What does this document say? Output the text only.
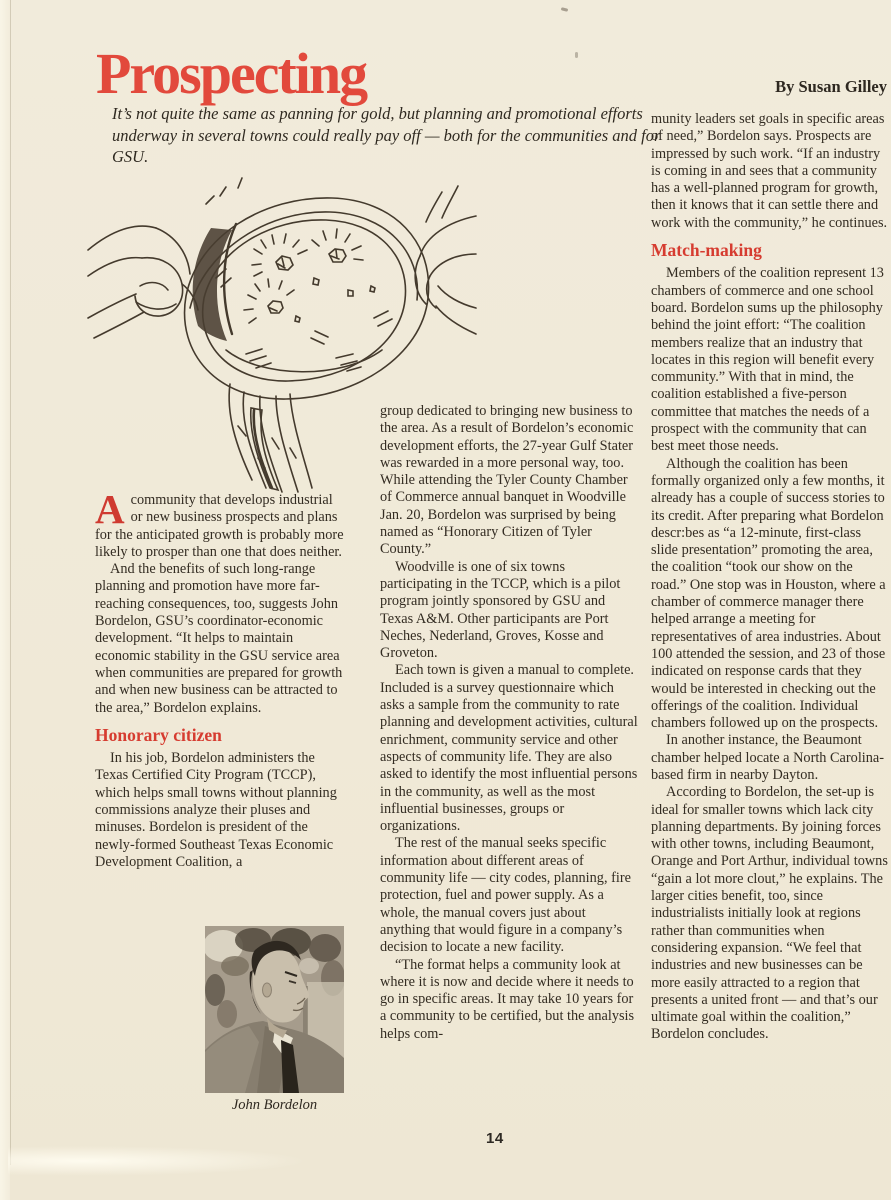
Prospecting	By Susan Gilley

It’s not quite the same as panning for gold, but planning and promotional efforts underway in several towns could really pay off — both for the communities and for GSU.

Acommunity that develops industrial or new business prospects and plans for the anticipated growth is probably more likely to prosper than one that does neither.

And the benefits of such long-range planning and promotion have more far-reaching consequences, too, suggests John Bordelon, GSU’s coordinator-economic development. “It helps to maintain economic stability in the GSU service area when communities are prepared for growth and when new business can be attracted to the area,” Bordelon explains.

Honorary citizen

In his job, Bordelon administers the Texas Certified City Program (TCCP), which helps small towns without planning commissions analyze their pluses and minuses. Bordelon is president of the newly-formed Southeast Texas Economic Development Coalition, a

group dedicated to bringing new business to the area. As a result of Bordelon’s economic development efforts, the 27-year Gulf Stater was rewarded in a more personal way, too. While attending the Tyler County Chamber of Commerce annual banquet in Woodville Jan. 20, Bordelon was surprised by being named as “Honorary Citizen of Tyler County.”

Woodville is one of six towns participating in the TCCP, which is a pilot program jointly sponsored by GSU and Texas A&M. Other participants are Port Neches, Nederland, Groves, Kosse and Groveton.

Each town is given a manual to complete. Included is a survey questionnaire which asks a sample from the community to rate planning and development activities, cultural enrichment, community service and other aspects of community life. They are also asked to identify the most influential persons in the community, as well as the most influential businesses, groups or organizations.

The rest of the manual seeks specific information about different areas of community life — city codes, planning, fire protection, fuel and power supply. As a whole, the manual covers just about anything that would figure in a company’s decision to locate a new facility.

“The format helps a community look at where it is now and decide where it needs to go in specific areas. It may take 10 years for a community to be certified, but the analysis helps com-

munity leaders set goals in specific areas of need,” Bordelon says. Prospects are impressed by such work. “If an industry is coming in and sees that a community has a well-planned program for growth, then it knows that it can settle there and work with the community,” he continues.

Match-making

Members of the coalition represent 13 chambers of commerce and one school board. Bordelon sums up the philosophy behind the joint effort: “The coalition members realize that an industry that locates in this region will benefit every community.” With that in mind, the coalition established a five-person committee that matches the needs of a prospect with the community that can best meet those needs.

Although the coalition has been formally organized only a few months, it already has a couple of success stories to its credit. After preparing what Bordelon descr:bes as “a 12-minute, first-class slide presentation” promoting the area, the coalition “took our show on the road.” One stop was in Houston, where a chamber of commerce manager there helped arrange a meeting for representatives of area industries. About 100 attended the session, and 23 of those indicated on response cards that they would be interested in checking out the offerings of the coalition. Individual chambers followed up on the prospects.

In another instance, the Beaumont chamber helped locate a North Carolina-based firm in nearby Dayton.

According to Bordelon, the set-up is ideal for smaller towns which lack city planning departments. By joining forces with other towns, including Beaumont, Orange and Port Arthur, individual towns “gain a lot more clout,” he explains. The larger cities benefit, too, since industrialists initially look at regions rather than communities when considering expansion. “We feel that industries and new businesses can be more easily attracted to a region that presents a united front — and that’s our ultimate goal within the coalition,” Bordelon concludes.

John Bordelon
14
